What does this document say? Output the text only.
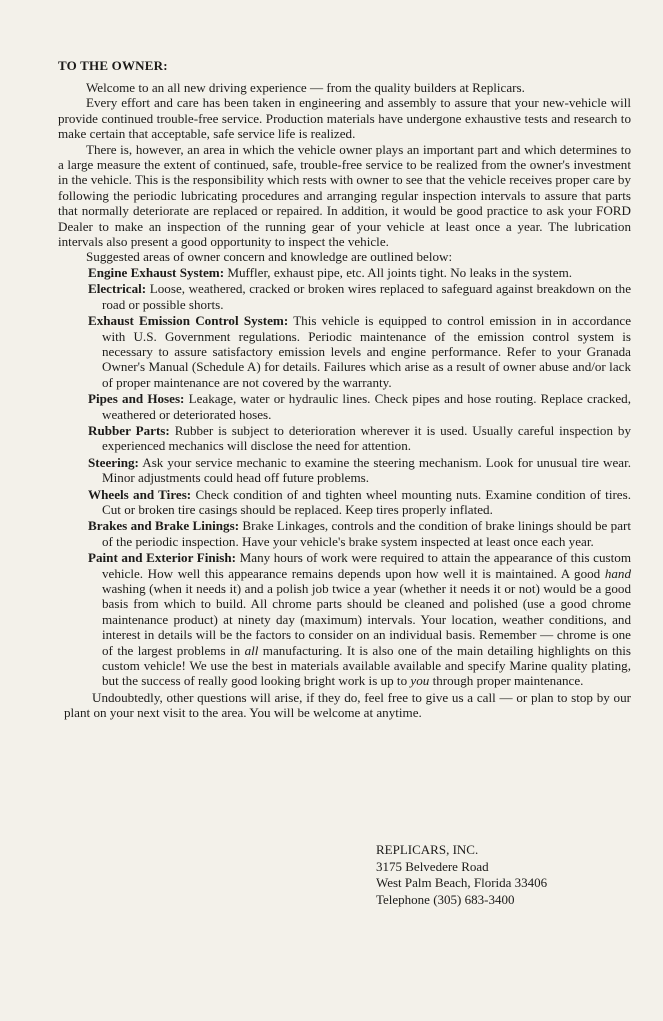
TO THE OWNER:

Welcome to an all new driving experience — from the quality builders at Replicars.

Every effort and care has been taken in engineering and assembly to assure that your new-vehicle will provide continued trouble-free service. Production materials have undergone exhaustive tests and research to make certain that acceptable, safe service life is realized.

There is, however, an area in which the vehicle owner plays an important part and which determines to a large measure the extent of continued, safe, trouble-free service to be realized from the owner's investment in the vehicle. This is the responsibility which rests with owner to see that the vehicle receives proper care by following the periodic lubricating procedures and arranging regular inspection intervals to assure that parts that normally deteriorate are replaced or repaired. In addition, it would be good practice to ask your FORD Dealer to make an inspection of the running gear of your vehicle at least once a year. The lubrication intervals also present a good opportunity to inspect the vehicle.

Suggested areas of owner concern and knowledge are outlined below:

Engine Exhaust System: Muffler, exhaust pipe, etc. All joints tight. No leaks in the system.

Electrical: Loose, weathered, cracked or broken wires replaced to safeguard against breakdown on the road or possible shorts.

Exhaust Emission Control System: This vehicle is equipped to control emission in in accordance with U.S. Government regulations. Periodic maintenance of the emission control system is necessary to assure satisfactory emission levels and engine performance. Refer to your Granada Owner's Manual (Schedule A) for details. Failures which arise as a result of owner abuse and/or lack of proper maintenance are not covered by the warranty.

Pipes and Hoses: Leakage, water or hydraulic lines. Check pipes and hose routing. Replace cracked, weathered or deteriorated hoses.

Rubber Parts: Rubber is subject to deterioration wherever it is used. Usually careful inspection by experienced mechanics will disclose the need for attention.

Steering: Ask your service mechanic to examine the steering mechanism. Look for unusual tire wear. Minor adjustments could head off future problems.

Wheels and Tires: Check condition of and tighten wheel mounting nuts. Examine condition of tires. Cut or broken tire casings should be replaced. Keep tires properly inflated.

Brakes and Brake Linings: Brake Linkages, controls and the condition of brake linings should be part of the periodic inspection. Have your vehicle's brake system inspected at least once each year.

Paint and Exterior Finish: Many hours of work were required to attain the appearance of this custom vehicle. How well this appearance remains depends upon how well it is maintained. A good hand washing (when it needs it) and a polish job twice a year (whether it needs it or not) would be a good basis from which to build. All chrome parts should be cleaned and polished (use a good chrome maintenance product) at ninety day (maximum) intervals. Your location, weather conditions, and interest in details will be the factors to consider on an individual basis. Remember — chrome is one of the largest problems in all manufacturing. It is also one of the main detailing highlights on this custom vehicle! We use the best in materials available available and specify Marine quality plating, but the success of really good looking bright work is up to you through proper maintenance.

Undoubtedly, other questions will arise, if they do, feel free to give us a call — or plan to stop by our plant on your next visit to the area. You will be welcome at anytime.

REPLICARS, INC.
3175 Belvedere Road
West Palm Beach, Florida 33406
Telephone (305) 683-3400
